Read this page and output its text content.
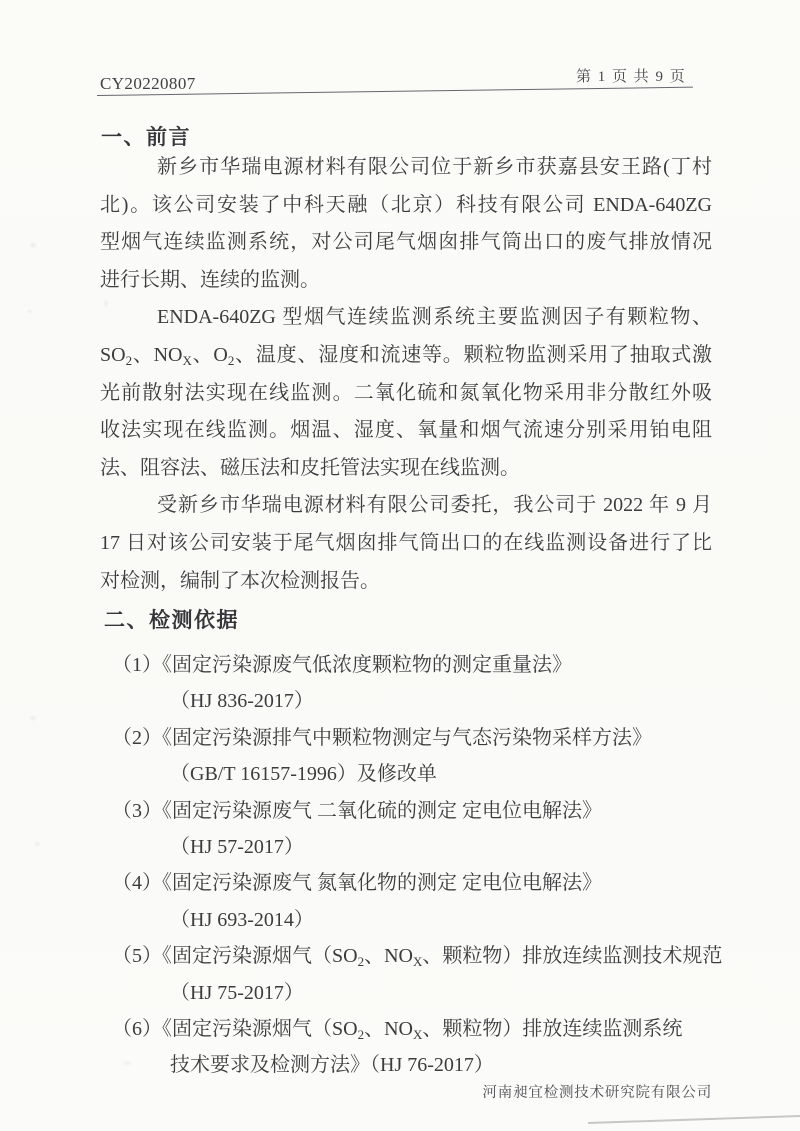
CY20220807	第 1 页 共 9 页
一、前言
新乡市华瑞电源材料有限公司位于新乡市获嘉县安王路(丁村
北)。该公司安装了中科天融（北京）科技有限公司 ENDA-640ZG
型烟气连续监测系统，对公司尾气烟囱排气筒出口的废气排放情况
进行长期、连续的监测。
ENDA-640ZG 型烟气连续监测系统主要监测因子有颗粒物、
$SO_2$、$NO_X$、$O_2$、温度、湿度和流速等。颗粒物监测采用了抽取式激
光前散射法实现在线监测。二氧化硫和氮氧化物采用非分散红外吸
收法实现在线监测。烟温、湿度、氧量和烟气流速分别采用铂电阻
法、阻容法、磁压法和皮托管法实现在线监测。
受新乡市华瑞电源材料有限公司委托，我公司于 2022 年 9 月
17 日对该公司安装于尾气烟囱排气筒出口的在线监测设备进行了比
对检测，编制了本次检测报告。
二、检测依据
（1）《固定污染源废气低浓度颗粒物的测定重量法》
（HJ 836-2017）
（2）《固定污染源排气中颗粒物测定与气态污染物采样方法》
（GB/T 16157-1996）及修改单
（3）《固定污染源废气 二氧化硫的测定 定电位电解法》
（HJ 57-2017）
（4）《固定污染源废气 氮氧化物的测定 定电位电解法》
（HJ 693-2014）
（5）《固定污染源烟气（$SO_2$、$NO_X$、颗粒物）排放连续监测技术规范
（HJ 75-2017）
（6）《固定污染源烟气（$SO_2$、$NO_X$、颗粒物）排放连续监测系统
技术要求及检测方法》（HJ 76-2017）
河南昶宜检测技术研究院有限公司
